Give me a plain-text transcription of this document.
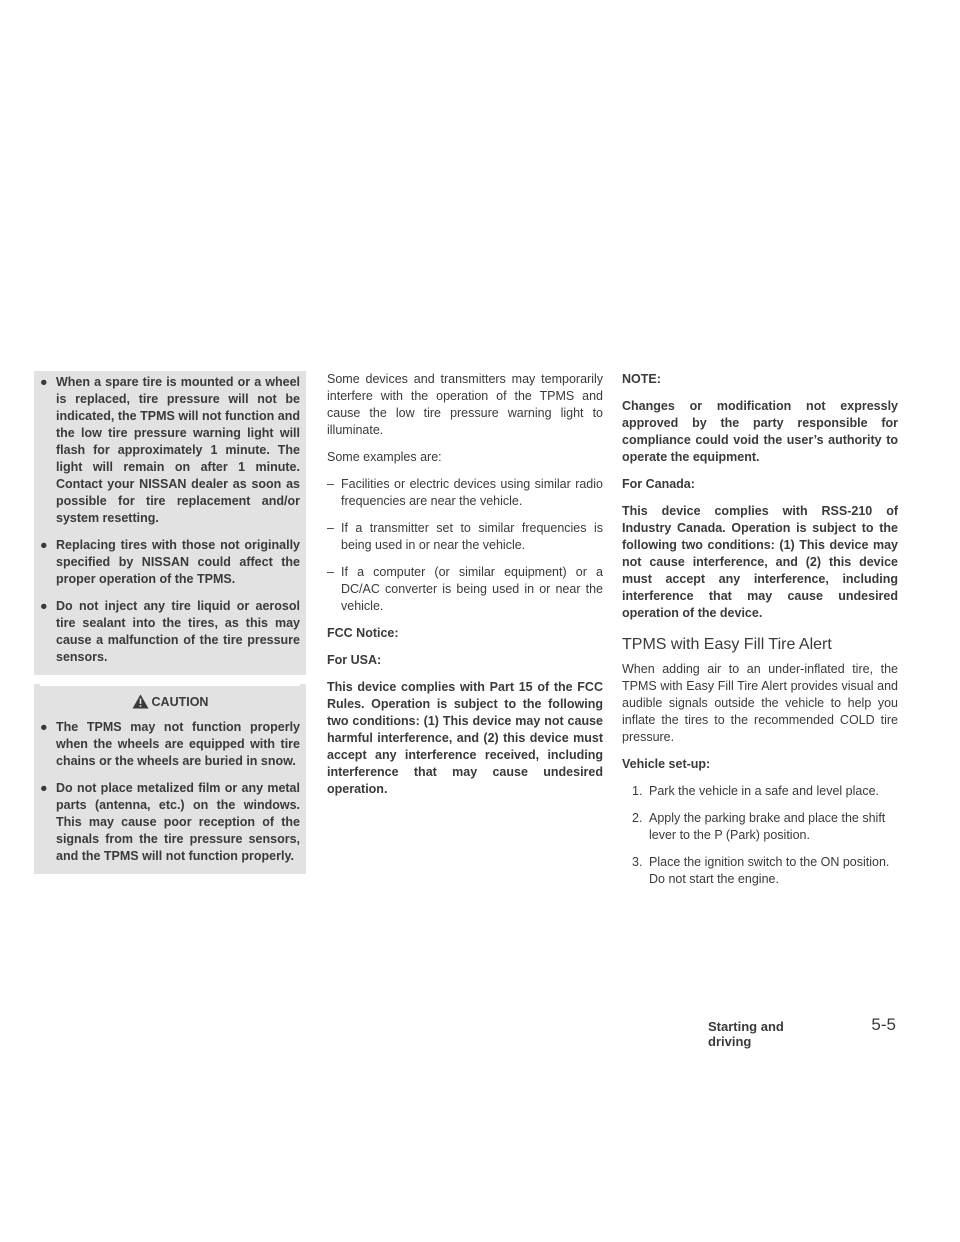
● When a spare tire is mounted or a wheel is replaced, tire pressure will not be indicated, the TPMS will not function and the low tire pressure warning light will flash for approximately 1 minute. The light will remain on after 1 minute. Contact your NISSAN dealer as soon as possible for tire replacement and/or system resetting.
● Replacing tires with those not originally specified by NISSAN could affect the proper operation of the TPMS.
● Do not inject any tire liquid or aerosol tire sealant into the tires, as this may cause a malfunction of the tire pressure sensors.
CAUTION
● The TPMS may not function properly when the wheels are equipped with tire chains or the wheels are buried in snow.
● Do not place metalized film or any metal parts (antenna, etc.) on the windows. This may cause poor reception of the signals from the tire pressure sensors, and the TPMS will not function properly.

Some devices and transmitters may temporarily interfere with the operation of the TPMS and cause the low tire pressure warning light to illuminate.

Some examples are:

– Facilities or electric devices using similar radio frequencies are near the vehicle.
– If a transmitter set to similar frequencies is being used in or near the vehicle.
– If a computer (or similar equipment) or a DC/AC converter is being used in or near the vehicle.

FCC Notice:

For USA:

This device complies with Part 15 of the FCC Rules. Operation is subject to the following two conditions: (1) This device may not cause harmful interference, and (2) this device must accept any interference received, including interference that may cause undesired operation.

NOTE:

Changes or modification not expressly approved by the party responsible for compliance could void the user’s authority to operate the equipment.

For Canada:

This device complies with RSS-210 of Industry Canada. Operation is subject to the following two conditions: (1) This device may not cause interference, and (2) this device must accept any interference, including interference that may cause undesired operation of the device.

TPMS with Easy Fill Tire Alert

When adding air to an under-inflated tire, the TPMS with Easy Fill Tire Alert provides visual and audible signals outside the vehicle to help you inflate the tires to the recommended COLD tire pressure.

Vehicle set-up:

1. Park the vehicle in a safe and level place.
2. Apply the parking brake and place the shift lever to the P (Park) position.
3. Place the ignition switch to the ON position. Do not start the engine.
Starting and driving
5-5
